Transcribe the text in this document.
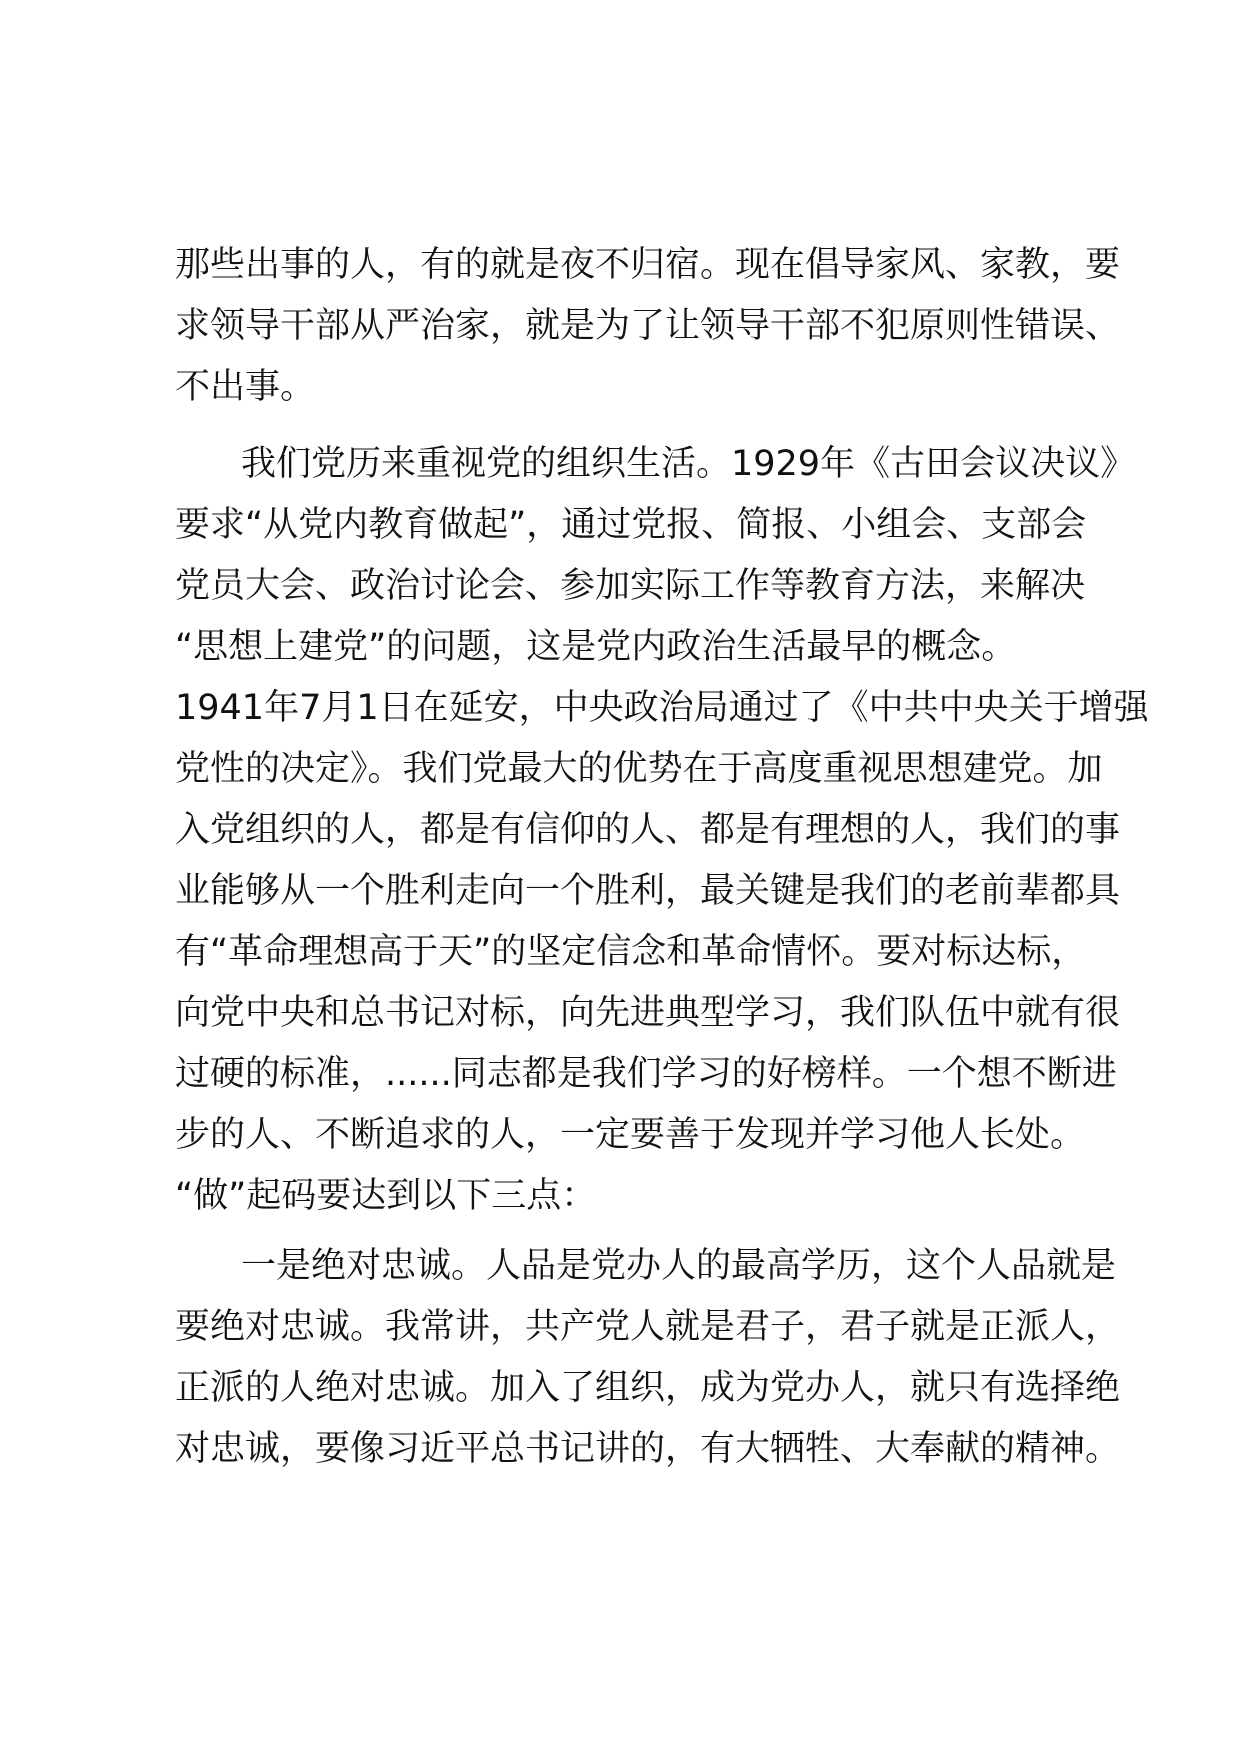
那些出事的人，有的就是夜不归宿。现在倡导家风、家教，要
求领导干部从严治家，就是为了让领导干部不犯原则性错误、
不出事。
我们党历来重视党的组织生活。1929年《古田会议决议》
要求“从党内教育做起”，通过党报、简报、小组会、支部会
党员大会、政治讨论会、参加实际工作等教育方法，来解决
“思想上建党”的问题，这是党内政治生活最早的概念。
1941年7月1日在延安，中央政治局通过了《中共中央关于增强
党性的决定》。我们党最大的优势在于高度重视思想建党。加
入党组织的人，都是有信仰的人、都是有理想的人，我们的事
业能够从一个胜利走向一个胜利，最关键是我们的老前辈都具
有“革命理想高于天”的坚定信念和革命情怀。要对标达标，
向党中央和总书记对标，向先进典型学习，我们队伍中就有很
过硬的标准，......同志都是我们学习的好榜样。一个想不断进
步的人、不断追求的人，一定要善于发现并学习他人长处。
“做”起码要达到以下三点：
一是绝对忠诚。人品是党办人的最高学历，这个人品就是
要绝对忠诚。我常讲，共产党人就是君子，君子就是正派人，
正派的人绝对忠诚。加入了组织，成为党办人，就只有选择绝
对忠诚，要像习近平总书记讲的，有大牺牲、大奉献的精神。
